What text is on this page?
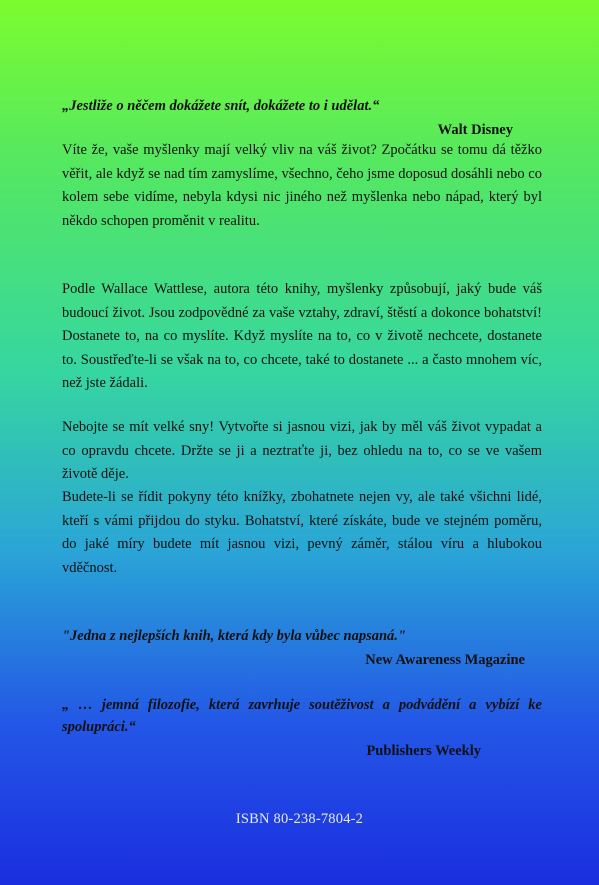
„Jestliže o něčem dokážete snít, dokážete to i udělat.“
Walt Disney

Víte že, vaše myšlenky mají velký vliv na váš život? Zpočátku se tomu dá těžko věřit, ale když se nad tím zamyslíme, všechno, čeho jsme doposud dosáhli nebo co kolem sebe vidíme, nebyla kdysi nic jiného než myšlenka nebo nápad, který byl někdo schopen proměnit v realitu.

Podle Wallace Wattlese, autora této knihy, myšlenky způsobují, jaký bude váš budoucí život. Jsou zodpovědné za vaše vztahy, zdraví, štěstí a dokonce bohatství! Dostanete to, na co myslíte. Když myslíte na to, co v životě nechcete, dostanete to. Soustřeďte-li se však na to, co chcete, také to dostanete ... a často mnohem víc, než jste žádali.

Nebojte se mít velké sny! Vytvořte si jasnou vizi, jak by měl váš život vypadat a co opravdu chcete. Držte se ji a neztraťte ji, bez ohledu na to, co se ve vašem životě děje.

Budete-li se řídit pokyny této knížky, zbohatnete nejen vy, ale také všichni lidé, kteří s vámi přijdou do styku. Bohatství, které získáte, bude ve stejném poměru, do jaké míry budete mít jasnou vizi, pevný záměr, stálou víru a hlubokou vděčnost.

"Jedna z nejlepších knih, která kdy byla vůbec napsaná."
New Awareness Magazine
„ … jemná filozofie, která zavrhuje soutěživost a podvádění a vybízí ke spolupráci.“
Publishers Weekly
ISBN 80-238-7804-2
